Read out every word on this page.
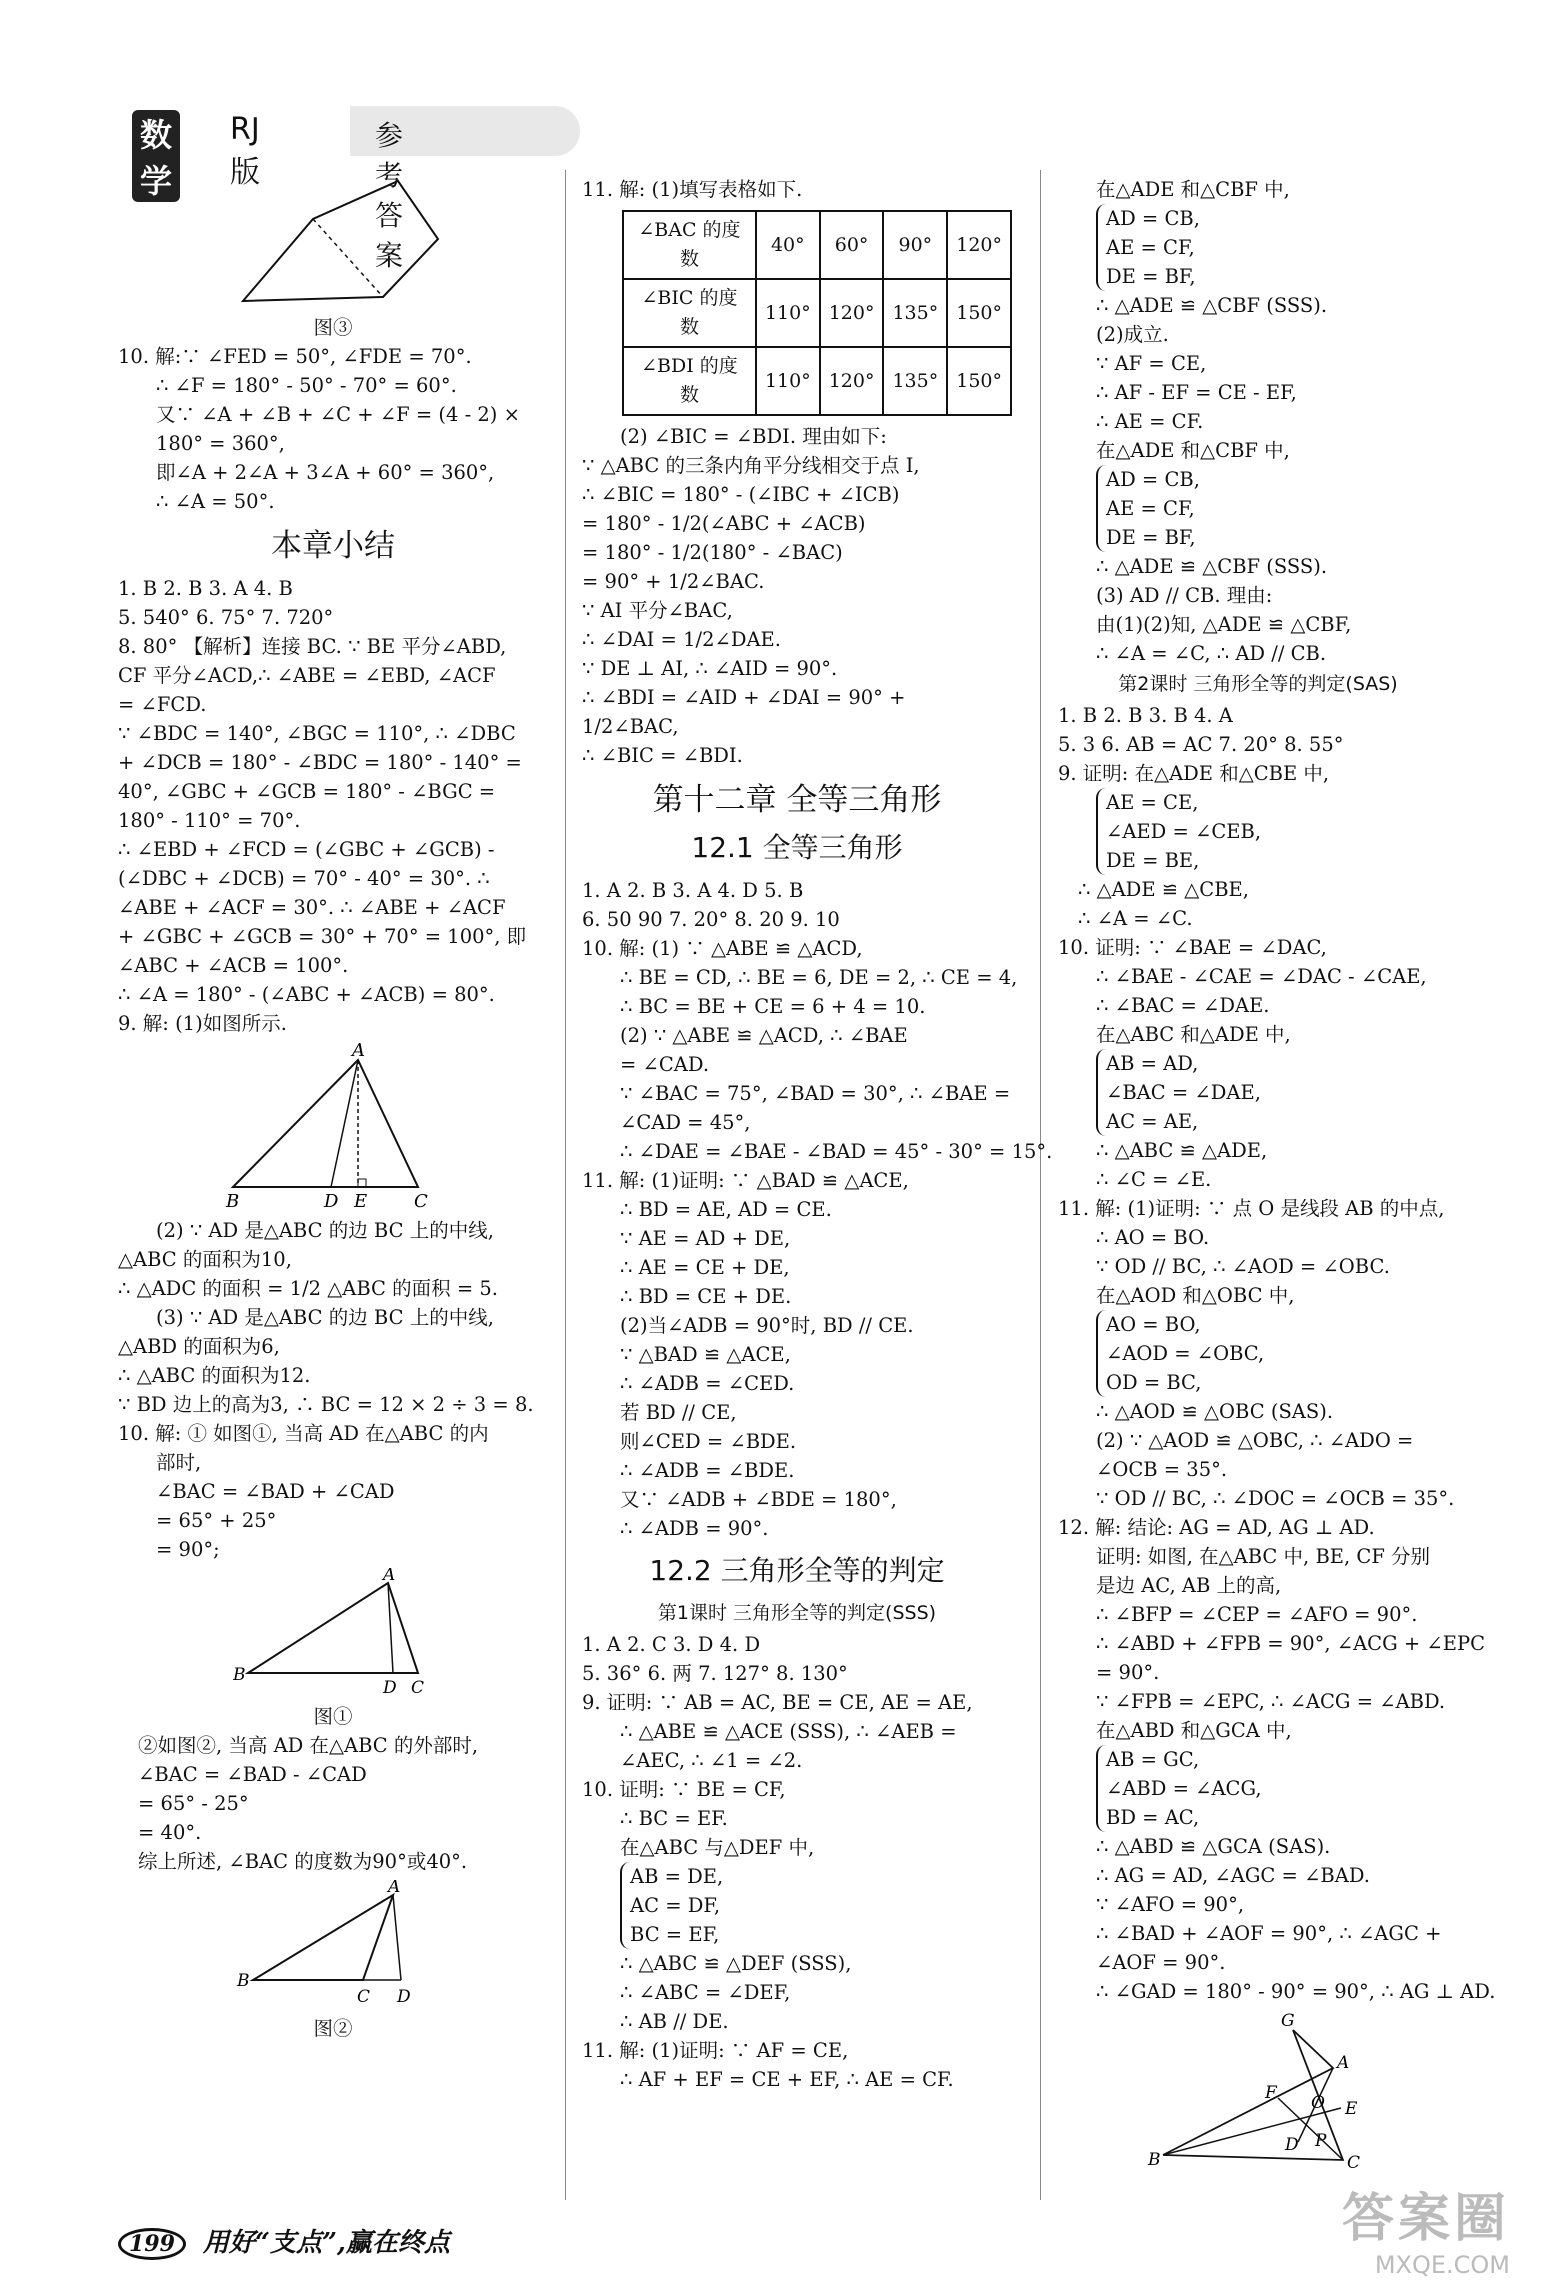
数学
RJ版
参考答案
图③
10. 解:∵ ∠FED = 50°, ∠FDE = 70°.
∴ ∠F = 180° - 50° - 70° = 60°.
又∵ ∠A + ∠B + ∠C + ∠F = (4 - 2) ×
180° = 360°,
即∠A + 2∠A + 3∠A + 60° = 360°,
∴ ∠A = 50°.
本章小结
1. B 2. B 3. A 4. B
5. 540° 6. 75° 7. 720°
8. 80° 【解析】连接 BC. ∵ BE 平分∠ABD,
CF 平分∠ACD,∴ ∠ABE = ∠EBD, ∠ACF
= ∠FCD.
∵ ∠BDC = 140°, ∠BGC = 110°, ∴ ∠DBC
+ ∠DCB = 180° - ∠BDC = 180° - 140° =
40°, ∠GBC + ∠GCB = 180° - ∠BGC =
180° - 110° = 70°.
∴ ∠EBD + ∠FCD = (∠GBC + ∠GCB) -
(∠DBC + ∠DCB) = 70° - 40° = 30°. ∴
∠ABE + ∠ACF = 30°. ∴ ∠ABE + ∠ACF
+ ∠GBC + ∠GCB = 30° + 70° = 100°, 即
∠ABC + ∠ACB = 100°.
∴ ∠A = 180° - (∠ABC + ∠ACB) = 80°.
9. 解: (1)如图所示.
A
B	D E	C
(2) ∵ AD 是△ABC 的边 BC 上的中线,
△ABC 的面积为10,
∴ △ADC 的面积 = 1/2 △ABC 的面积 = 5.
(3) ∵ AD 是△ABC 的边 BC 上的中线,
△ABD 的面积为6,
∴ △ABC 的面积为12.
∵ BD 边上的高为3, ∴ BC = 12 × 2 ÷ 3 = 8.
10. 解: ① 如图①, 当高 AD 在△ABC 的内
部时,
∠BAC = ∠BAD + ∠CAD
= 65° + 25°
= 90°;
A
B
D C
图①
②如图②, 当高 AD 在△ABC 的外部时,
∠BAC = ∠BAD - ∠CAD
= 65° - 25°
= 40°.
综上所述, ∠BAC 的度数为90°或40°.
A
B
C D
图②
11. 解: (1)填写表格如下.
∠BAC 的度数	40°	60°	90°	120°
∠BIC 的度数	110°	120°	135°	150°
∠BDI 的度数	110°	120°	135°	150°
(2) ∠BIC = ∠BDI. 理由如下:
∵ △ABC 的三条内角平分线相交于点 I,
∴ ∠BIC = 180° - (∠IBC + ∠ICB)
= 180° - 1/2(∠ABC + ∠ACB)
= 180° - 1/2(180° - ∠BAC)
= 90° + 1/2∠BAC.
∵ AI 平分∠BAC,
∴ ∠DAI = 1/2∠DAE.
∵ DE ⊥ AI, ∴ ∠AID = 90°.
∴ ∠BDI = ∠AID + ∠DAI = 90° +
1/2∠BAC,
∴ ∠BIC = ∠BDI.
第十二章 全等三角形
12.1 全等三角形
1. A 2. B 3. A 4. D 5. B
6. 50 90 7. 20° 8. 20 9. 10
10. 解: (1) ∵ △ABE ≌ △ACD,
∴ BE = CD, ∴ BE = 6, DE = 2, ∴ CE = 4,
∴ BC = BE + CE = 6 + 4 = 10.
(2) ∵ △ABE ≌ △ACD, ∴ ∠BAE
= ∠CAD.
∵ ∠BAC = 75°, ∠BAD = 30°, ∴ ∠BAE =
∠CAD = 45°,
∴ ∠DAE = ∠BAE - ∠BAD = 45° - 30° = 15°.
11. 解: (1)证明: ∵ △BAD ≌ △ACE,
∴ BD = AE, AD = CE.
∵ AE = AD + DE,
∴ AE = CE + DE,
∴ BD = CE + DE.
(2)当∠ADB = 90°时, BD // CE.
∵ △BAD ≌ △ACE,
∴ ∠ADB = ∠CED.
若 BD // CE,
则∠CED = ∠BDE.
∴ ∠ADB = ∠BDE.
又∵ ∠ADB + ∠BDE = 180°,
∴ ∠ADB = 90°.
12.2 三角形全等的判定
第1课时 三角形全等的判定(SSS)
1. A 2. C 3. D 4. D
5. 36° 6. 两 7. 127° 8. 130°
9. 证明: ∵ AB = AC, BE = CE, AE = AE,
∴ △ABE ≌ △ACE (SSS), ∴ ∠AEB =
∠AEC, ∴ ∠1 = ∠2.
10. 证明: ∵ BE = CF,
∴ BC = EF.
在△ABC 与△DEF 中,
AB = DE,
AC = DF,
BC = EF,
∴ △ABC ≌ △DEF (SSS),
∴ ∠ABC = ∠DEF,
∴ AB // DE.
11. 解: (1)证明: ∵ AF = CE,
∴ AF + EF = CE + EF, ∴ AE = CF.
在△ADE 和△CBF 中,
AD = CB,
AE = CF,
DE = BF,
∴ △ADE ≌ △CBF (SSS).
(2)成立.
∵ AF = CE,
∴ AF - EF = CE - EF,
∴ AE = CF.
在△ADE 和△CBF 中,
AD = CB,
AE = CF,
DE = BF,
∴ △ADE ≌ △CBF (SSS).
(3) AD // CB. 理由:
由(1)(2)知, △ADE ≌ △CBF,
∴ ∠A = ∠C, ∴ AD // CB.
第2课时 三角形全等的判定(SAS)
1. B 2. B 3. B 4. A
5. 3 6. AB = AC 7. 20° 8. 55°
9. 证明: 在△ADE 和△CBE 中,
AE = CE,
∠AED = ∠CEB,
DE = BE,
∴ △ADE ≌ △CBE,
∴ ∠A = ∠C.
10. 证明: ∵ ∠BAE = ∠DAC,
∴ ∠BAE - ∠CAE = ∠DAC - ∠CAE,
∴ ∠BAC = ∠DAE.
在△ABC 和△ADE 中,
AB = AD,
∠BAC = ∠DAE,
AC = AE,
∴ △ABC ≌ △ADE,
∴ ∠C = ∠E.
11. 解: (1)证明: ∵ 点 O 是线段 AB 的中点,
∴ AO = BO.
∵ OD // BC, ∴ ∠AOD = ∠OBC.
在△AOD 和△OBC 中,
AO = BO,
∠AOD = ∠OBC,
OD = BC,
∴ △AOD ≌ △OBC (SAS).
(2) ∵ △AOD ≌ △OBC, ∴ ∠ADO =
∠OCB = 35°.
∵ OD // BC, ∴ ∠DOC = ∠OCB = 35°.
12. 解: 结论: AG = AD, AG ⊥ AD.
证明: 如图, 在△ABC 中, BE, CF 分别
是边 AC, AB 上的高,
∴ ∠BFP = ∠CEP = ∠AFO = 90°.
∴ ∠ABD + ∠FPB = 90°, ∠ACG + ∠EPC
= 90°.
∵ ∠FPB = ∠EPC, ∴ ∠ACG = ∠ABD.
在△ABD 和△GCA 中,
AB = GC,
∠ABD = ∠ACG,
BD = AC,
∴ △ABD ≌ △GCA (SAS).
∴ AG = AD, ∠AGC = ∠BAD.
∵ ∠AFO = 90°,
∴ ∠BAD + ∠AOF = 90°, ∴ ∠AGC +
∠AOF = 90°.
∴ ∠GAD = 180° - 90° = 90°, ∴ AG ⊥ AD.
G
A
F O E
D P
B	C
199 用好“支点”,赢在终点	答案圈
MXQE.COM
